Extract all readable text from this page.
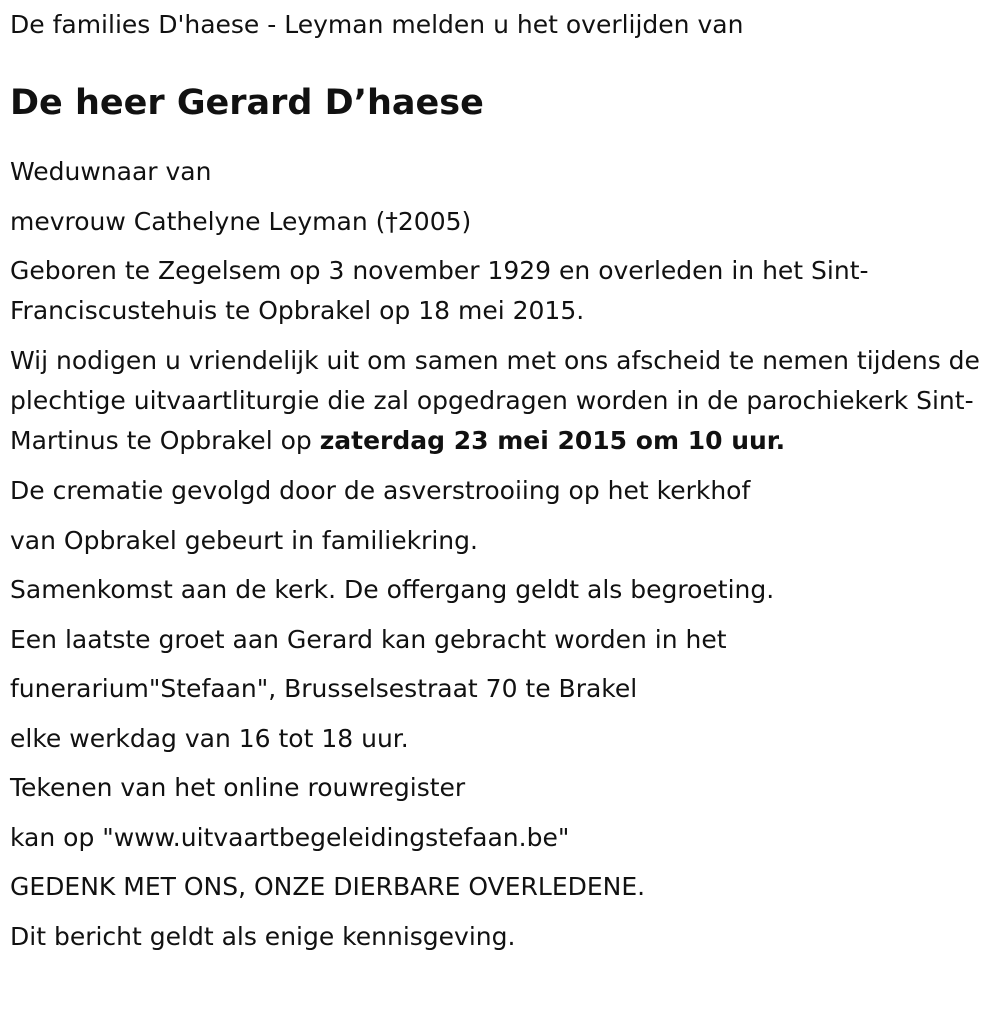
De families D'haese - Leyman melden u het overlijden van

De heer Gerard D’haese

Weduwnaar van

mevrouw Cathelyne Leyman (†2005)

Geboren te Zegelsem op 3 november 1929 en overleden in het Sint-Franciscustehuis te Opbrakel op 18 mei 2015.

Wij nodigen u vriendelijk uit om samen met ons afscheid te nemen tijdens de plechtige uitvaartliturgie die zal opgedragen worden in de parochiekerk Sint-Martinus te Opbrakel op zaterdag 23 mei 2015 om 10 uur.

De crematie gevolgd door de asverstrooiing op het kerkhof

van Opbrakel gebeurt in familiekring.

Samenkomst aan de kerk. De offergang geldt als begroeting.

Een laatste groet aan Gerard kan gebracht worden in het

funerarium"Stefaan", Brusselsestraat 70 te Brakel

elke werkdag van 16 tot 18 uur.

Tekenen van het online rouwregister

kan op "www.uitvaartbegeleidingstefaan.be"

GEDENK MET ONS, ONZE DIERBARE OVERLEDENE.

Dit bericht geldt als enige kennisgeving.
